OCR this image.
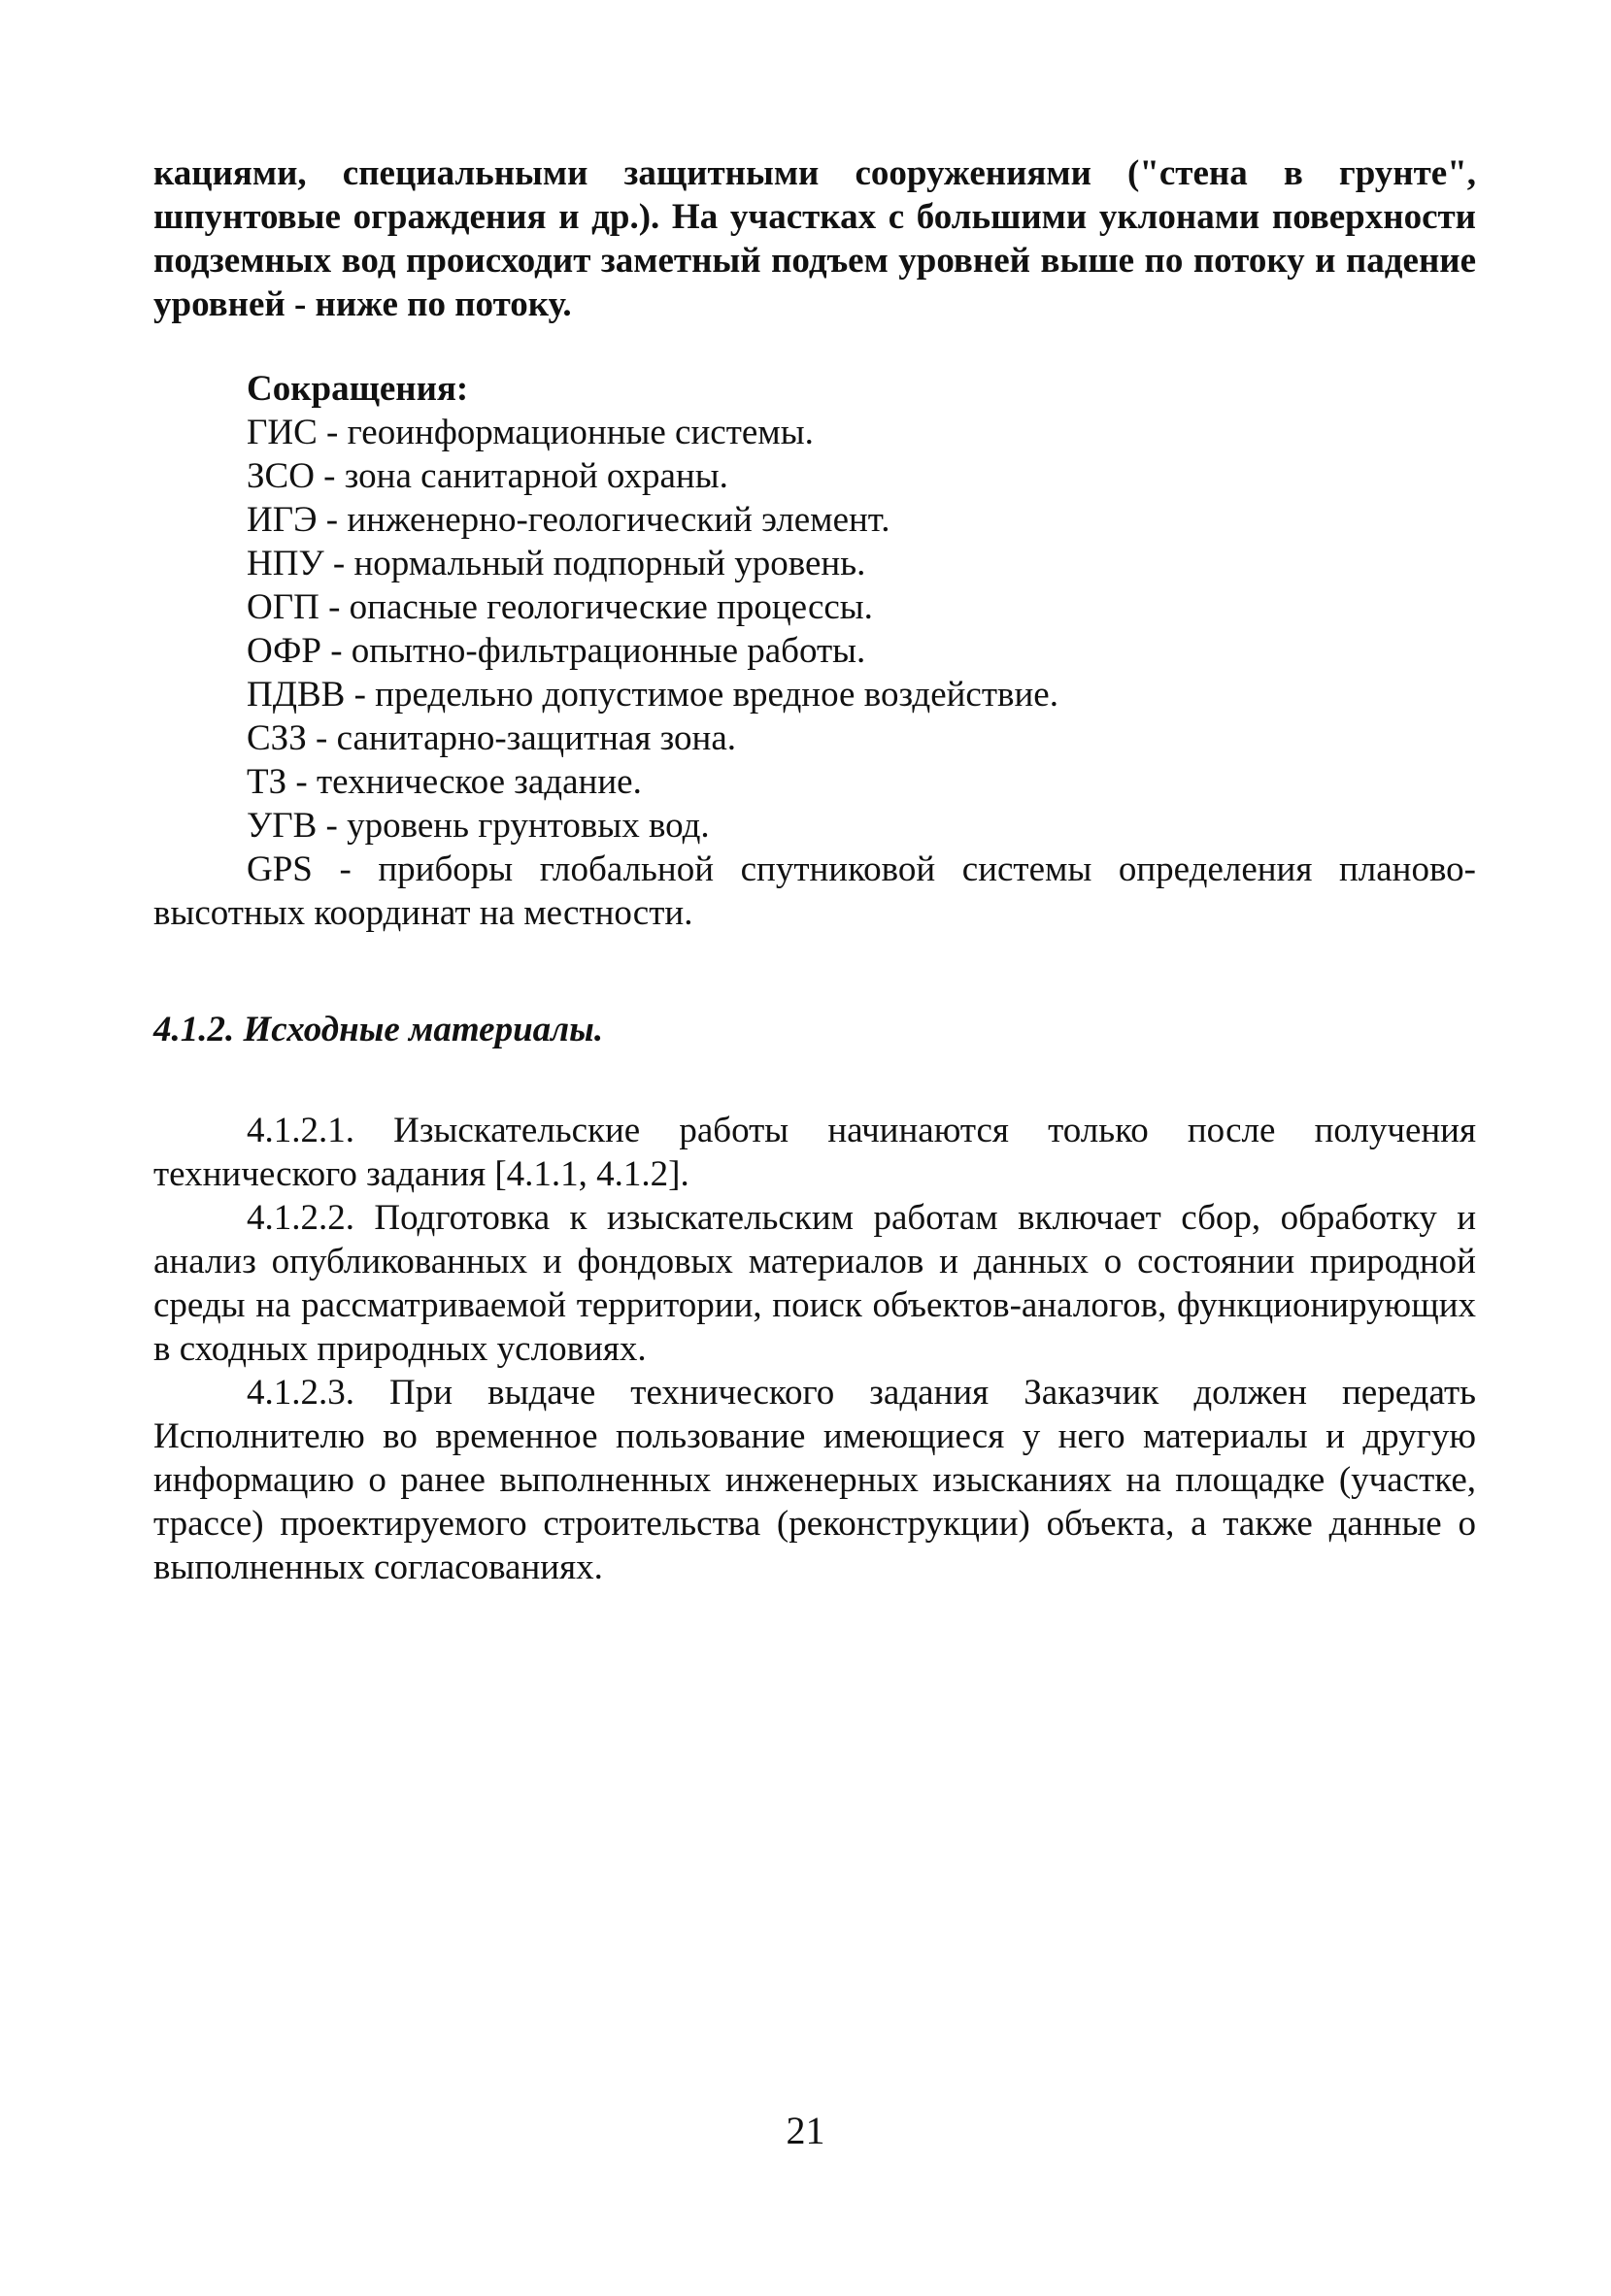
кациями, специальными защитными сооружениями ("стена в грунте", шпунтовые ограждения и др.). На участках с большими уклонами поверхности подземных вод происходит заметный подъем уровней выше по потоку и падение уровней - ниже по потоку.

Сокращения:

ГИС - геоинформационные системы.
ЗСО - зона санитарной охраны.
ИГЭ - инженерно-геологический элемент.
НПУ - нормальный подпорный уровень.
ОГП - опасные геологические процессы.
ОФР - опытно-фильтрационные работы.
ПДВВ - предельно допустимое вредное воздействие.
СЗЗ - санитарно-защитная зона.
ТЗ - техническое задание.
УГВ - уровень грунтовых вод.
GPS - приборы глобальной спутниковой системы определения планово-высотных координат на местности.
4.1.2. Исходные материалы.

4.1.2.1. Изыскательские работы начинаются только после получения технического задания [4.1.1, 4.1.2].

4.1.2.2. Подготовка к изыскательским работам включает сбор, обработку и анализ опубликованных и фондовых материалов и данных о состоянии природной среды на рассматриваемой территории, поиск объектов-аналогов, функционирующих в сходных природных условиях.

4.1.2.3. При выдаче технического задания Заказчик должен передать Исполнителю во временное пользование имеющиеся у него материалы и другую информацию о ранее выполненных инженерных изысканиях на площадке (участке, трассе) проектируемого строительства (реконструкции) объекта, а также данные о выполненных согласованиях.

21
